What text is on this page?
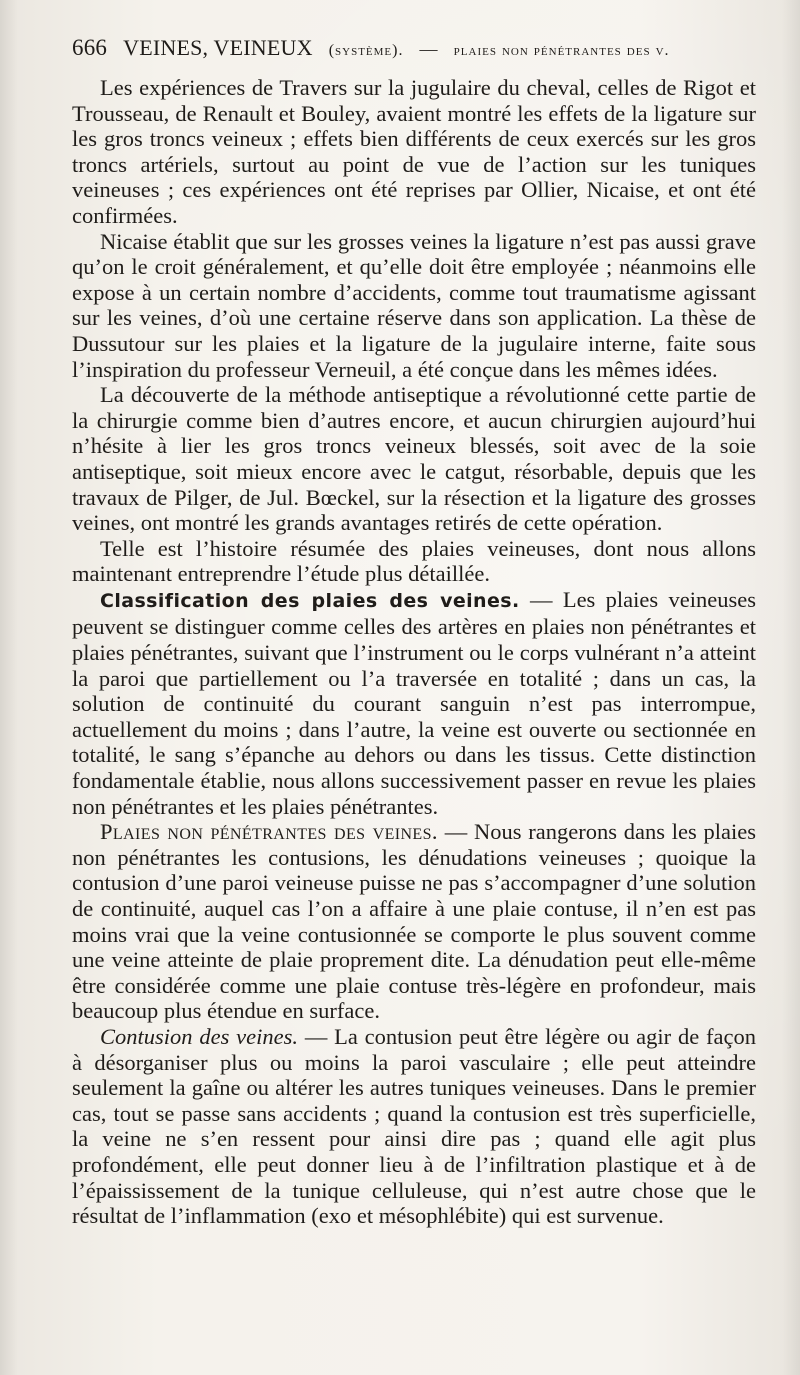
666 VEINES, VEINEUX (système). — plaies non pénétrantes des v.

Les expériences de Travers sur la jugulaire du cheval, celles de Rigot et Trousseau, de Renault et Bouley, avaient montré les effets de la ligature sur les gros troncs veineux ; effets bien différents de ceux exercés sur les gros troncs artériels, surtout au point de vue de l’action sur les tuniques veineuses ; ces expériences ont été reprises par Ollier, Nicaise, et ont été confirmées.

Nicaise établit que sur les grosses veines la ligature n’est pas aussi grave qu’on le croit généralement, et qu’elle doit être employée ; néanmoins elle expose à un certain nombre d’accidents, comme tout traumatisme agissant sur les veines, d’où une certaine réserve dans son application. La thèse de Dussutour sur les plaies et la ligature de la jugulaire interne, faite sous l’inspiration du professeur Verneuil, a été conçue dans les mêmes idées.

La découverte de la méthode antiseptique a révolutionné cette partie de la chirurgie comme bien d’autres encore, et aucun chirurgien aujourd’hui n’hésite à lier les gros troncs veineux blessés, soit avec de la soie antiseptique, soit mieux encore avec le catgut, résorbable, depuis que les travaux de Pilger, de Jul. Bœckel, sur la résection et la ligature des grosses veines, ont montré les grands avantages retirés de cette opération.

Telle est l’histoire résumée des plaies veineuses, dont nous allons maintenant entreprendre l’étude plus détaillée.

Classification des plaies des veines. — Les plaies veineuses peuvent se distinguer comme celles des artères en plaies non pénétrantes et plaies pénétrantes, suivant que l’instrument ou le corps vulnérant n’a atteint la paroi que partiellement ou l’a traversée en totalité ; dans un cas, la solution de continuité du courant sanguin n’est pas interrompue, actuellement du moins ; dans l’autre, la veine est ouverte ou sectionnée en totalité, le sang s’épanche au dehors ou dans les tissus. Cette distinction fondamentale établie, nous allons successivement passer en revue les plaies non pénétrantes et les plaies pénétrantes.

Plaies non pénétrantes des veines. — Nous rangerons dans les plaies non pénétrantes les contusions, les dénudations veineuses ; quoique la contusion d’une paroi veineuse puisse ne pas s’accompagner d’une solution de continuité, auquel cas l’on a affaire à une plaie contuse, il n’en est pas moins vrai que la veine contusionnée se comporte le plus souvent comme une veine atteinte de plaie proprement dite. La dénudation peut elle-même être considérée comme une plaie contuse très-légère en profondeur, mais beaucoup plus étendue en surface.

Contusion des veines. — La contusion peut être légère ou agir de façon à désorganiser plus ou moins la paroi vasculaire ; elle peut atteindre seulement la gaîne ou altérer les autres tuniques veineuses. Dans le premier cas, tout se passe sans accidents ; quand la contusion est très superficielle, la veine ne s’en ressent pour ainsi dire pas ; quand elle agit plus profondément, elle peut donner lieu à de l’infiltration plastique et à de l’épaississement de la tunique celluleuse, qui n’est autre chose que le résultat de l’inflammation (exo et mésophlébite) qui est survenue.
